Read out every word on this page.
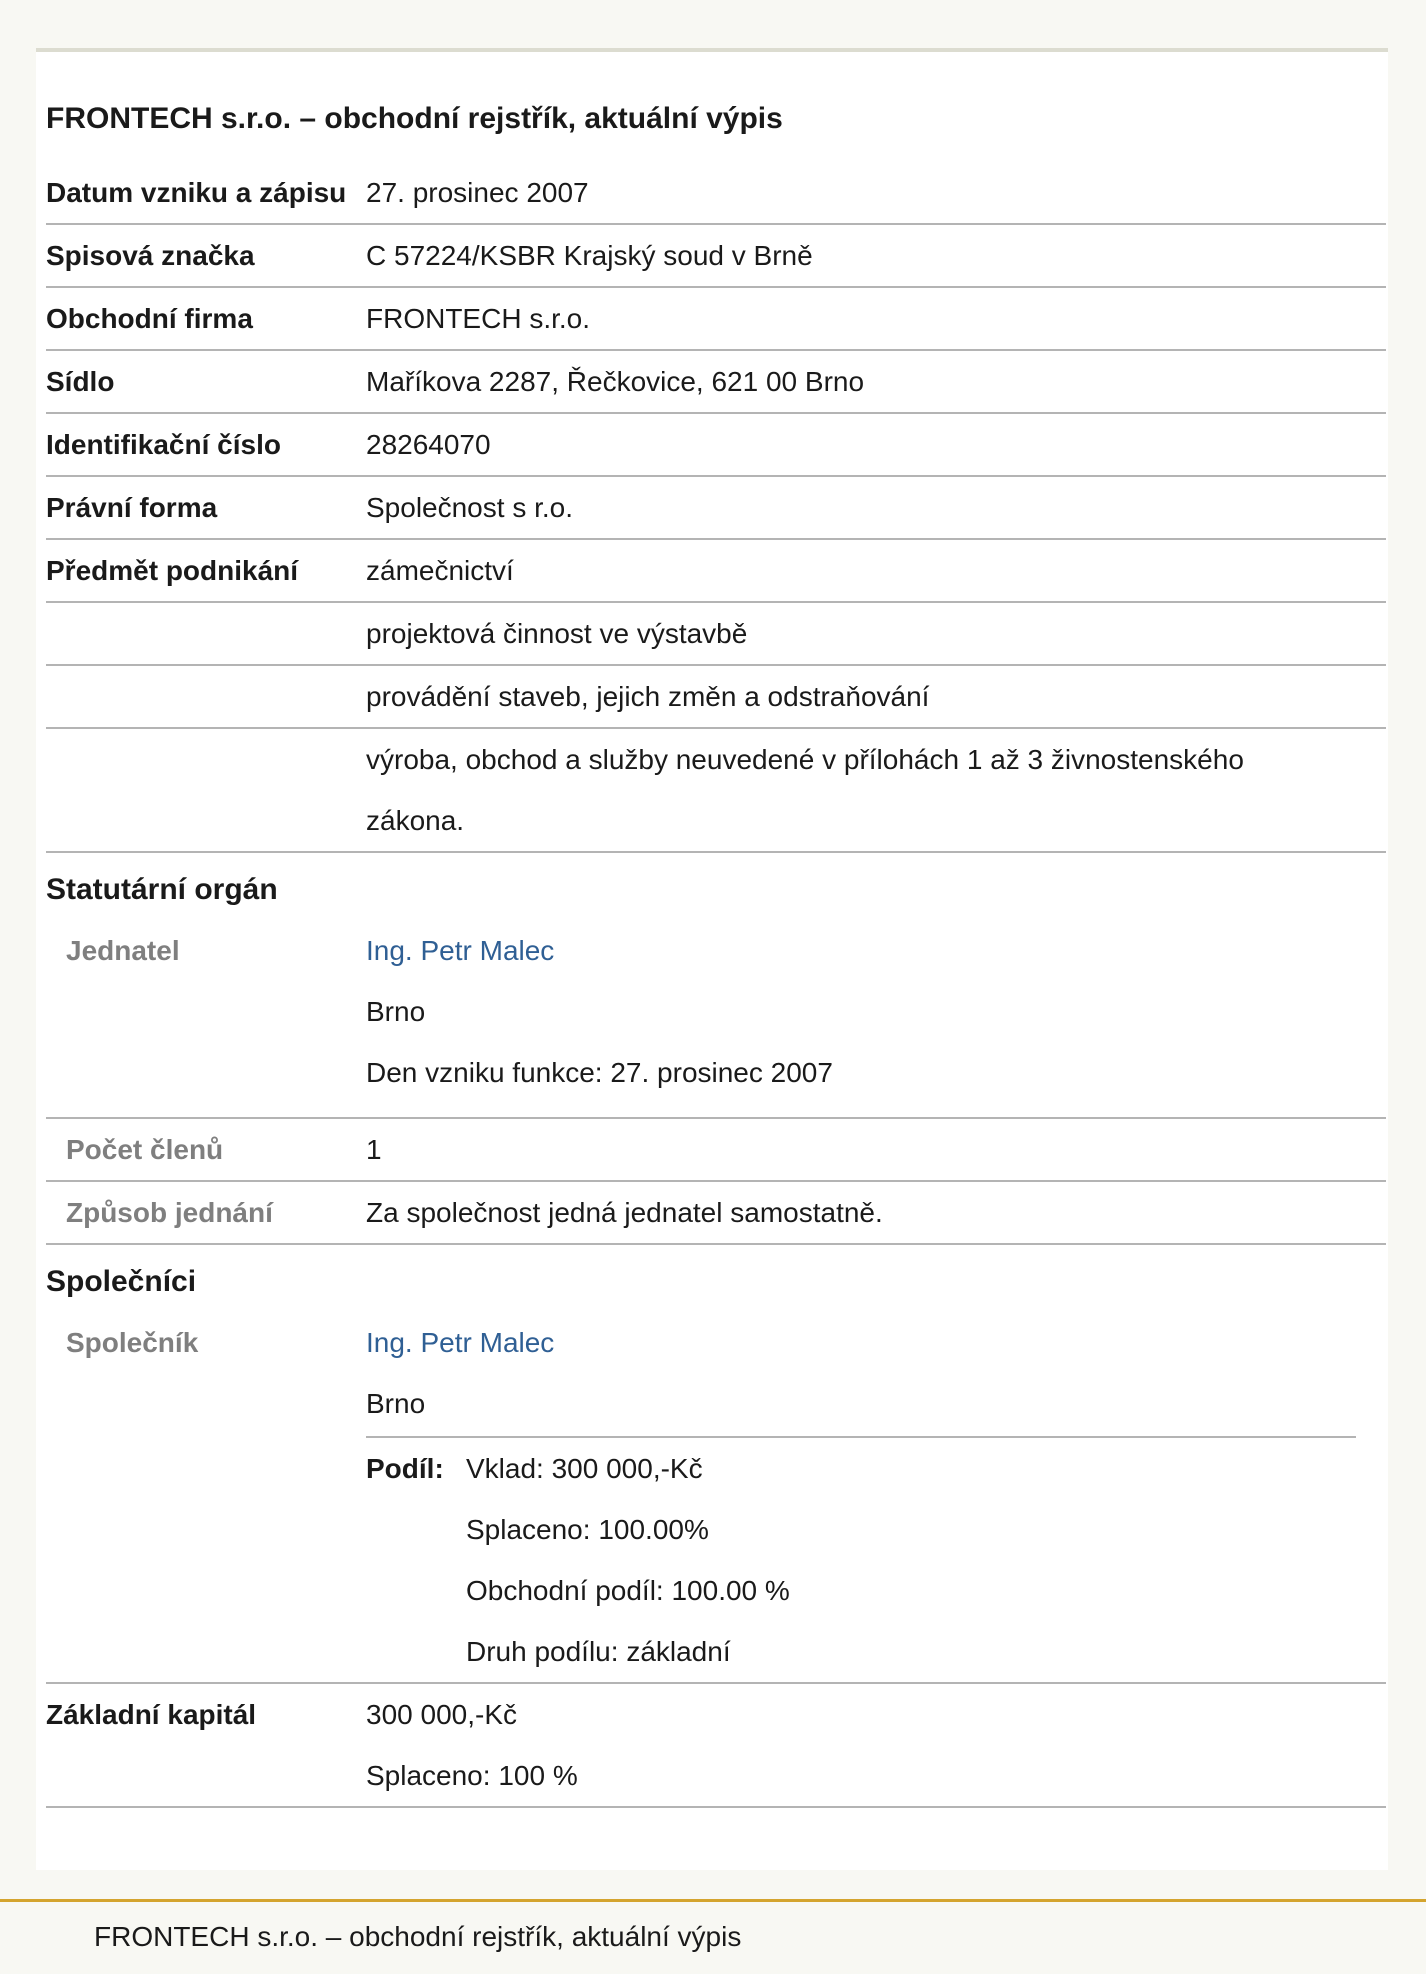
FRONTECH s.r.o. – obchodní rejstřík, aktuální výpis
Datum vzniku a zápisu 27. prosinec 2007
Spisová značka	C 57224/KSBR Krajský soud v Brně
Obchodní firma	FRONTECH s.r.o.
Sídlo	Maříkova 2287, Řečkovice, 621 00 Brno
Identifikační číslo	28264070
Právní forma	Společnost s r.o.
Předmět podnikání	zámečnictví
projektová činnost ve výstavbě
provádění staveb, jejich změn a odstraňování
výroba, obchod a služby neuvedené v přílohách 1 až 3 živnostenského zákona.
Statutární orgán
Jednatel	Ing. Petr Malec
Brno
Den vzniku funkce: 27. prosinec 2007
Počet členů	1
Způsob jednání	Za společnost jedná jednatel samostatně.
Společníci
Společník	Ing. Petr Malec
Brno
Podíl: Vklad: 300 000,-Kč
Splaceno: 100.00%
Obchodní podíl: 100.00 %
Druh podílu: základní
Základní kapitál	300 000,-Kč
Splaceno: 100 %
FRONTECH s.r.o. – obchodní rejstřík, aktuální výpis
